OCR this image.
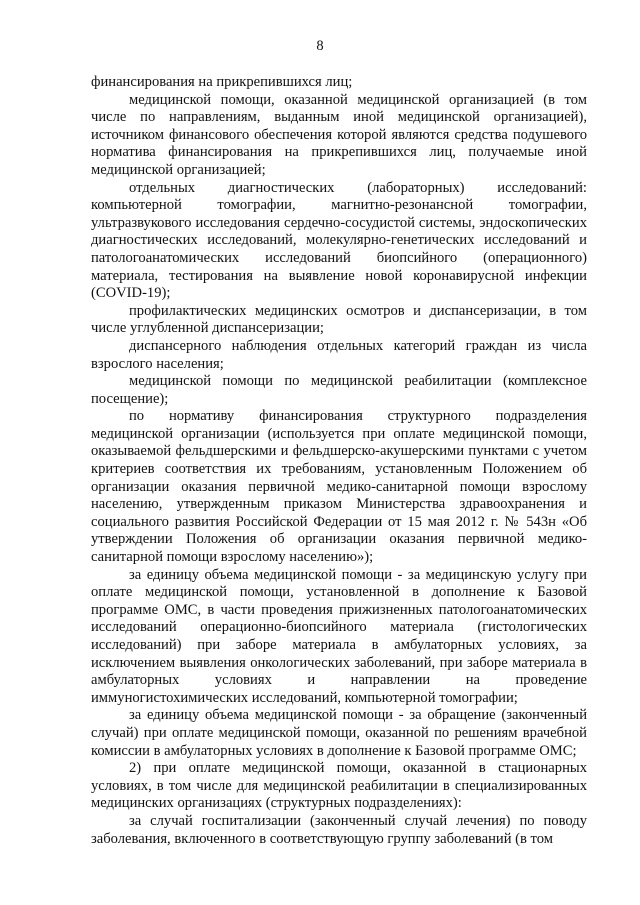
8

финансирования на прикрепившихся лиц;

медицинской помощи, оказанной медицинской организацией (в том числе по направлениям, выданным иной медицинской организацией), источником финансового обеспечения которой являются средства подушевого норматива финансирования на прикрепившихся лиц, получаемые иной медицинской организацией;

отдельных диагностических (лабораторных) исследований: компьютерной томографии, магнитно-резонансной томографии, ультразвукового исследования сердечно-сосудистой системы, эндоскопических диагностических исследований, молекулярно-генетических исследований и патологоанатомических исследований биопсийного (операционного) материала, тестирования на выявление новой коронавирусной инфекции (COVID-19);

профилактических медицинских осмотров и диспансеризации, в том числе углубленной диспансеризации;

диспансерного наблюдения отдельных категорий граждан из числа взрослого населения;

медицинской помощи по медицинской реабилитации (комплексное посещение);

по нормативу финансирования структурного подразделения медицинской организации (используется при оплате медицинской помощи, оказываемой фельдшерскими и фельдшерско-акушерскими пунктами с учетом критериев соответствия их требованиям, установленным Положением об организации оказания первичной медико-санитарной помощи взрослому населению, утвержденным приказом Министерства здравоохранения и социального развития Российской Федерации от 15 мая 2012 г. № 543н «Об утверждении Положения об организации оказания первичной медико-санитарной помощи взрослому населению»);

за единицу объема медицинской помощи - за медицинскую услугу при оплате медицинской помощи, установленной в дополнение к Базовой программе ОМС, в части проведения прижизненных патологоанатомических исследований операционно-биопсийного материала (гистологических исследований) при заборе материала в амбулаторных условиях, за исключением выявления онкологических заболеваний, при заборе материала в амбулаторных условиях и направлении на проведение иммуногистохимических исследований, компьютерной томографии;

за единицу объема медицинской помощи - за обращение (законченный случай) при оплате медицинской помощи, оказанной по решениям врачебной комиссии в амбулаторных условиях в дополнение к Базовой программе ОМС;

2) при оплате медицинской помощи, оказанной в стационарных условиях, в том числе для медицинской реабилитации в специализированных медицинских организациях (структурных подразделениях):

за случай госпитализации (законченный случай лечения) по поводу заболевания, включенного в соответствующую группу заболеваний (в том
